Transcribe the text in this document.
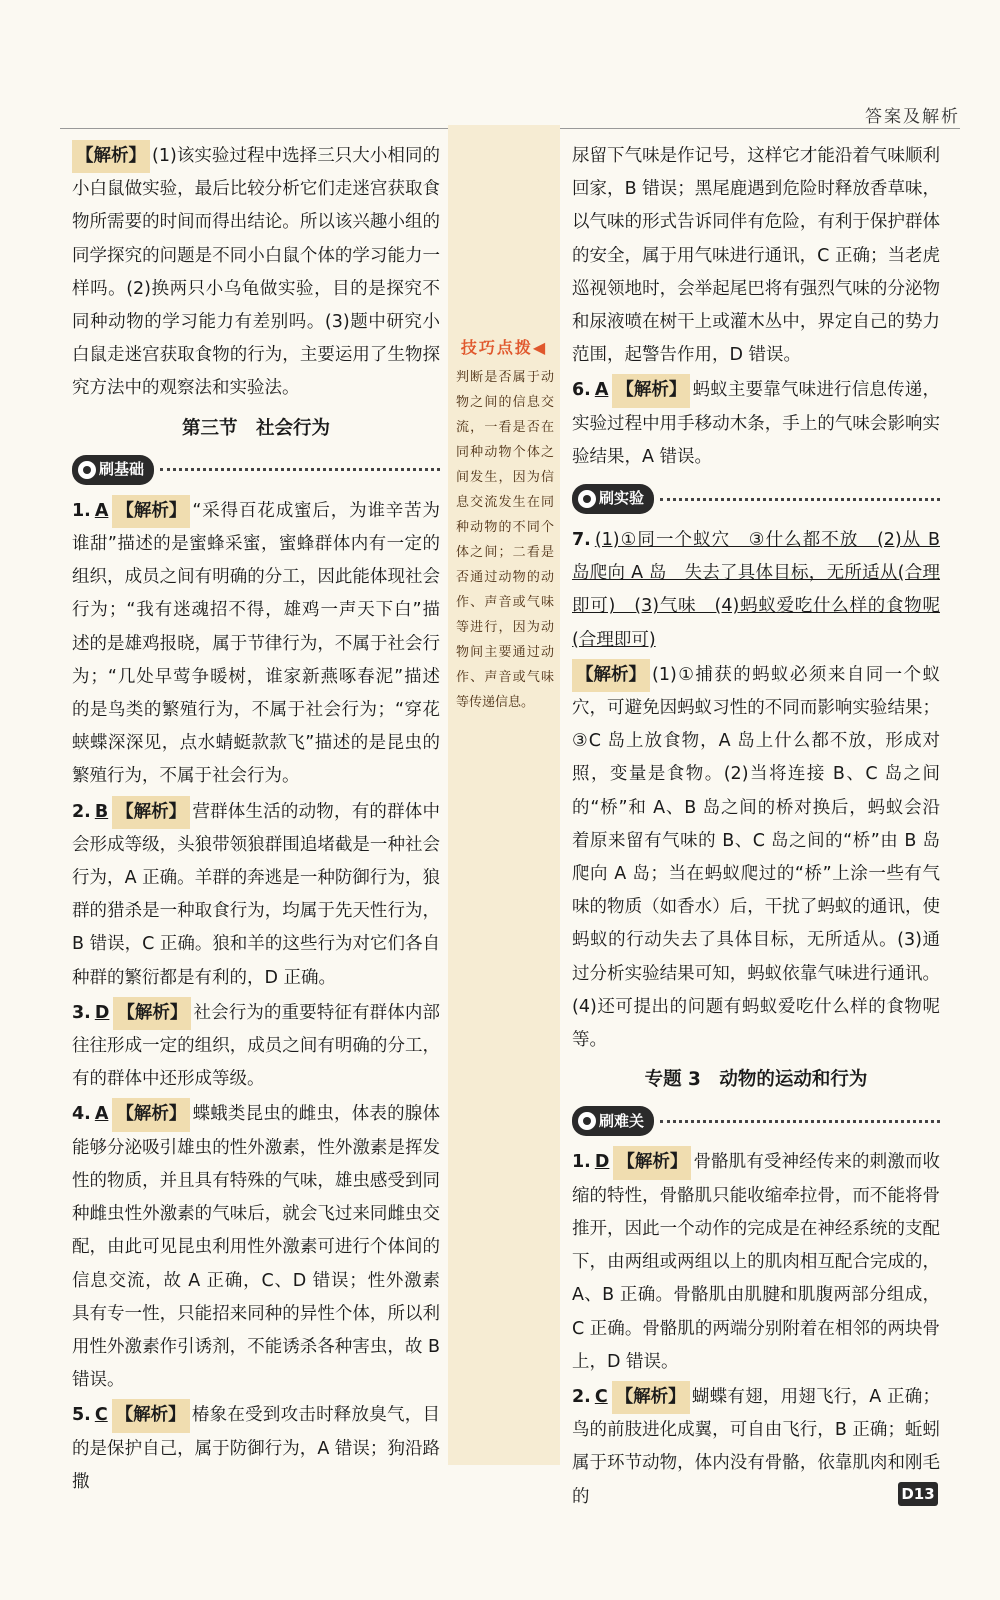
答案及解析

【解析】 (1)该实验过程中选择三只大小相同的小白鼠做实验，最后比较分析它们走迷宫获取食物所需要的时间而得出结论。所以该兴趣小组的同学探究的问题是不同小白鼠个体的学习能力一样吗。(2)换两只小乌龟做实验，目的是探究不同种动物的学习能力有差别吗。(3)题中研究小白鼠走迷宫获取食物的行为，主要运用了生物探究方法中的观察法和实验法。

第三节　社会行为
刷基础

1. A 【解析】 “采得百花成蜜后，为谁辛苦为谁甜”描述的是蜜蜂采蜜，蜜蜂群体内有一定的组织，成员之间有明确的分工，因此能体现社会行为；“我有迷魂招不得，雄鸡一声天下白”描述的是雄鸡报晓，属于节律行为，不属于社会行为；“几处早莺争暖树，谁家新燕啄春泥”描述的是鸟类的繁殖行为，不属于社会行为；“穿花蛱蝶深深见，点水蜻蜓款款飞”描述的是昆虫的繁殖行为，不属于社会行为。

2. B 【解析】 营群体生活的动物，有的群体中会形成等级，头狼带领狼群围追堵截是一种社会行为，A 正确。羊群的奔逃是一种防御行为，狼群的猎杀是一种取食行为，均属于先天性行为，B 错误，C 正确。狼和羊的这些行为对它们各自种群的繁衍都是有利的，D 正确。

3. D 【解析】 社会行为的重要特征有群体内部往往形成一定的组织，成员之间有明确的分工，有的群体中还形成等级。

4. A 【解析】 蝶蛾类昆虫的雌虫，体表的腺体能够分泌吸引雄虫的性外激素，性外激素是挥发性的物质，并且具有特殊的气味，雄虫感受到同种雌虫性外激素的气味后，就会飞过来同雌虫交配，由此可见昆虫利用性外激素可进行个体间的信息交流，故 A 正确，C、D 错误；性外激素具有专一性，只能招来同种的异性个体，所以利用性外激素作引诱剂，不能诱杀各种害虫，故 B 错误。

5. C 【解析】 椿象在受到攻击时释放臭气，目的是保护自己，属于防御行为，A 错误；狗沿路撒

技巧点拨◀
判断是否属于动物之间的信息交流，一看是否在同种动物个体之间发生，因为信息交流发生在同种动物的不同个体之间；二看是否通过动物的动作、声音或气味等进行，因为动物间主要通过动作、声音或气味等传递信息。

尿留下气味是作记号，这样它才能沿着气味顺利回家，B 错误；黑尾鹿遇到危险时释放香草味，以气味的形式告诉同伴有危险，有利于保护群体的安全，属于用气味进行通讯，C 正确；当老虎巡视领地时，会举起尾巴将有强烈气味的分泌物和尿液喷在树干上或灌木丛中，界定自己的势力范围，起警告作用，D 错误。

6. A 【解析】 蚂蚁主要靠气味进行信息传递，实验过程中用手移动木条，手上的气味会影响实验结果，A 错误。

刷实验

7. (1)①同一个蚁穴　③什么都不放　(2)从 B 岛爬向 A 岛　失去了具体目标，无所适从(合理即可)　(3)气味　(4)蚂蚁爱吃什么样的食物呢(合理即可)

【解析】 (1)①捕获的蚂蚁必须来自同一个蚁穴，可避免因蚂蚁习性的不同而影响实验结果；③C 岛上放食物，A 岛上什么都不放，形成对照，变量是食物。(2)当将连接 B、C 岛之间的“桥”和 A、B 岛之间的桥对换后，蚂蚁会沿着原来留有气味的 B、C 岛之间的“桥”由 B 岛爬向 A 岛；当在蚂蚁爬过的“桥”上涂一些有气味的物质（如香水）后，干扰了蚂蚁的通讯，使蚂蚁的行动失去了具体目标，无所适从。(3)通过分析实验结果可知，蚂蚁依靠气味进行通讯。(4)还可提出的问题有蚂蚁爱吃什么样的食物呢等。

专题 3　动物的运动和行为
刷难关

1. D 【解析】 骨骼肌有受神经传来的刺激而收缩的特性，骨骼肌只能收缩牵拉骨，而不能将骨推开，因此一个动作的完成是在神经系统的支配下，由两组或两组以上的肌肉相互配合完成的，A、B 正确。骨骼肌由肌腱和肌腹两部分组成，C 正确。骨骼肌的两端分别附着在相邻的两块骨上，D 错误。

2. C 【解析】 蝴蝶有翅，用翅飞行，A 正确；鸟的前肢进化成翼，可自由飞行，B 正确；蚯蚓属于环节动物，体内没有骨骼，依靠肌肉和刚毛的	D13
